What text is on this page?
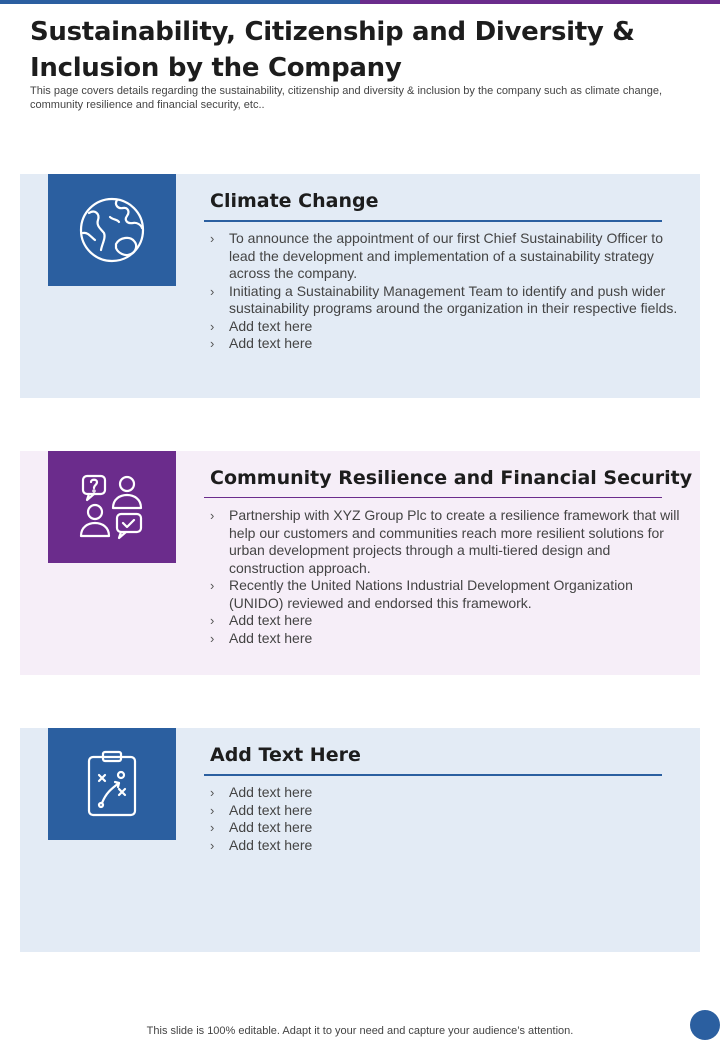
Sustainability, Citizenship and Diversity & Inclusion by the Company

This page covers details regarding the sustainability, citizenship and diversity & inclusion by the company such as climate change, community resilience and financial security, etc..

Climate Change
› To announce the appointment of our first Chief Sustainability Officer to lead the development and implementation of a sustainability strategy across the company.
› Initiating a Sustainability Management Team to identify and push wider sustainability programs around the organization in their respective fields.
› Add text here
› Add text here
Community Resilience and Financial Security
› Partnership with XYZ Group Plc to create a resilience framework that will help our customers and communities reach more resilient solutions for urban development projects through a multi-tiered design and construction approach.
› Recently the United Nations Industrial Development Organization (UNIDO) reviewed and endorsed this framework.
› Add text here
› Add text here
Add Text Here
› Add text here
› Add text here
› Add text here
› Add text here
This slide is 100% editable. Adapt it to your need and capture your audience’s attention.
